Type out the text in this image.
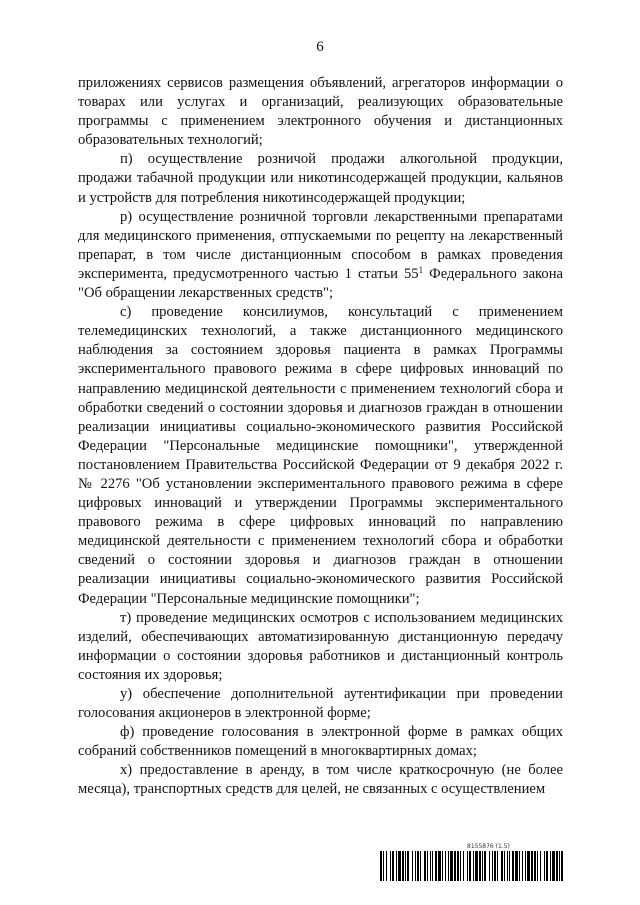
6

приложениях сервисов размещения объявлений, агрегаторов информации о товарах или услугах и организаций, реализующих образовательные программы с применением электронного обучения и дистанционных образовательных технологий;

п) осуществление розничой продажи алкогольной продукции, продажи табачной продукции или никотинсодержащей продукции, кальянов и устройств для потребления никотинсодержащей продукции;

р) осуществление розничной торговли лекарственными препаратами для медицинского применения, отпускаемыми по рецепту на лекарственный препарат, в том числе дистанционным способом в рамках проведения эксперимента, предусмотренного частью 1 статьи $55^1$ Федерального закона "Об обращении лекарственных средств";

с) проведение консилиумов, консультаций с применением телемедицинских технологий, а также дистанционного медицинского наблюдения за состоянием здоровья пациента в рамках Программы экспериментального правового режима в сфере цифровых инноваций по направлению медицинской деятельности с применением технологий сбора и обработки сведений о состоянии здоровья и диагнозов граждан в отношении реализации инициативы социально-экономического развития Российской Федерации "Персональные медицинские помощники", утвержденной постановлением Правительства Российской Федерации от 9 декабря 2022 г. № 2276 "Об установлении экспериментального правового режима в сфере цифровых инноваций и утверждении Программы экспериментального правового режима в сфере цифровых инноваций по направлению медицинской деятельности с применением технологий сбора и обработки сведений о состоянии здоровья и диагнозов граждан в отношении реализации инициативы социально-экономического развития Российской Федерации "Персональные медицинские помощники";

т) проведение медицинских осмотров с использованием медицинских изделий, обеспечивающих автоматизированную дистанционную передачу информации о состоянии здоровья работников и дистанционный контроль состояния их здоровья;

у) обеспечение дополнительной аутентификации при проведении голосования акционеров в электронной форме;

ф) проведение голосования в электронной форме в рамках общих собраний собственников помещений в многоквартирных домах;

х) предоставление в аренду, в том числе краткосрочную (не более месяца), транспортных средств для целей, не связанных с осуществлением

8155876 (1.5)
